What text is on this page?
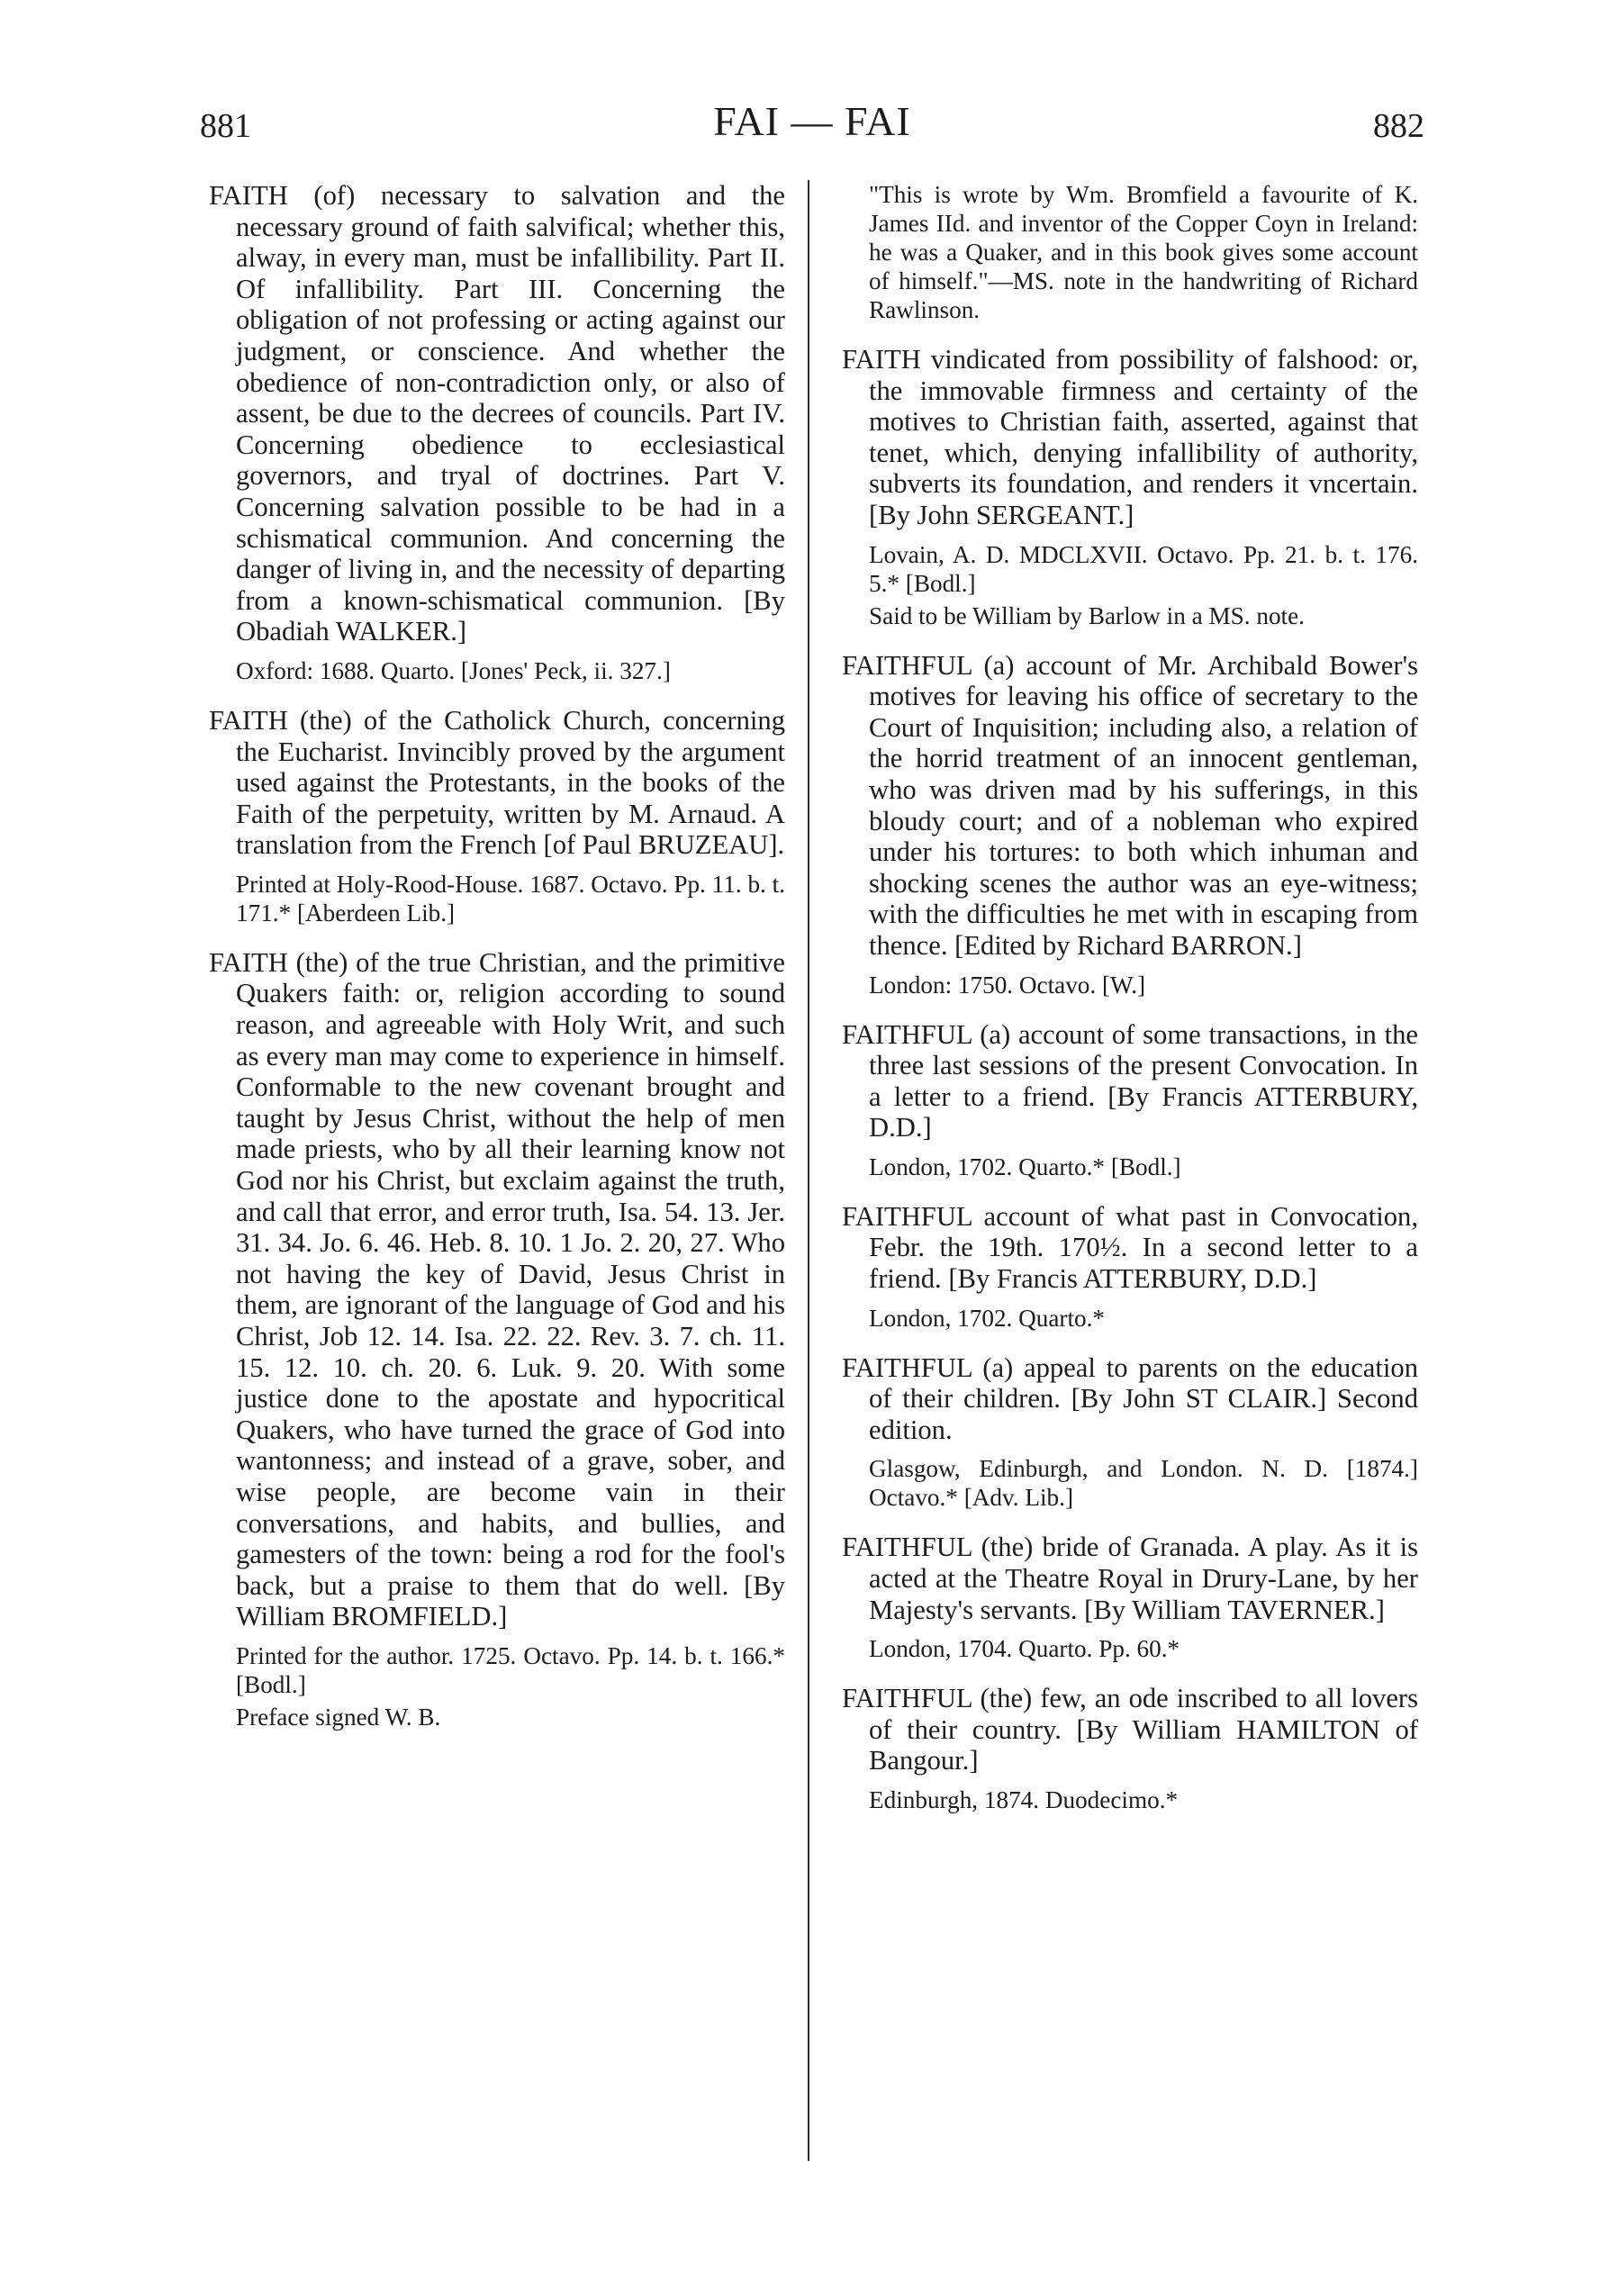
881	FAI — FAI	882

FAITH (of) necessary to salvation and the necessary ground of faith salvifical; whether this, alway, in every man, must be infallibility. Part II. Of infallibility. Part III. Concerning the obligation of not professing or acting against our judgment, or conscience. And whether the obedience of non-contradiction only, or also of assent, be due to the decrees of councils. Part IV. Concerning obedience to ecclesiastical governors, and tryal of doctrines. Part V. Concerning salvation possible to be had in a schismatical communion. And concerning the danger of living in, and the necessity of departing from a known-schismatical communion. [By Obadiah WALKER.]

Oxford: 1688. Quarto. [Jones' Peck, ii. 327.]

FAITH (the) of the Catholick Church, concerning the Eucharist. Invincibly proved by the argument used against the Protestants, in the books of the Faith of the perpetuity, written by M. Arnaud. A translation from the French [of Paul BRUZEAU].

Printed at Holy-Rood-House. 1687. Octavo. Pp. 11. b. t. 171.* [Aberdeen Lib.]

FAITH (the) of the true Christian, and the primitive Quakers faith: or, religion according to sound reason, and agreeable with Holy Writ, and such as every man may come to experience in himself. Conformable to the new covenant brought and taught by Jesus Christ, without the help of men made priests, who by all their learning know not God nor his Christ, but exclaim against the truth, and call that error, and error truth, Isa. 54. 13. Jer. 31. 34. Jo. 6. 46. Heb. 8. 10. 1 Jo. 2. 20, 27. Who not having the key of David, Jesus Christ in them, are ignorant of the language of God and his Christ, Job 12. 14. Isa. 22. 22. Rev. 3. 7. ch. 11. 15. 12. 10. ch. 20. 6. Luk. 9. 20. With some justice done to the apostate and hypocritical Quakers, who have turned the grace of God into wantonness; and instead of a grave, sober, and wise people, are become vain in their conversations, and habits, and bullies, and gamesters of the town: being a rod for the fool's back, but a praise to them that do well. [By William BROMFIELD.]

Printed for the author. 1725. Octavo. Pp. 14. b. t. 166.* [Bodl.]

Preface signed W. B.

"This is wrote by Wm. Bromfield a favourite of K. James IId. and inventor of the Copper Coyn in Ireland: he was a Quaker, and in this book gives some account of himself."—MS. note in the handwriting of Richard Rawlinson.

FAITH vindicated from possibility of falshood: or, the immovable firmness and certainty of the motives to Christian faith, asserted, against that tenet, which, denying infallibility of authority, subverts its foundation, and renders it vncertain. [By John SERGEANT.]

Lovain, A. D. MDCLXVII. Octavo. Pp. 21. b. t. 176. 5.* [Bodl.]

Said to be William by Barlow in a MS. note.

FAITHFUL (a) account of Mr. Archibald Bower's motives for leaving his office of secretary to the Court of Inquisition; including also, a relation of the horrid treatment of an innocent gentleman, who was driven mad by his sufferings, in this bloudy court; and of a nobleman who expired under his tortures: to both which inhuman and shocking scenes the author was an eye-witness; with the difficulties he met with in escaping from thence. [Edited by Richard BARRON.]

London: 1750. Octavo. [W.]

FAITHFUL (a) account of some transactions, in the three last sessions of the present Convocation. In a letter to a friend. [By Francis ATTERBURY, D.D.]

London, 1702. Quarto.* [Bodl.]

FAITHFUL account of what past in Convocation, Febr. the 19th. 170½. In a second letter to a friend. [By Francis ATTERBURY, D.D.]

London, 1702. Quarto.*

FAITHFUL (a) appeal to parents on the education of their children. [By John ST CLAIR.] Second edition.

Glasgow, Edinburgh, and London. N. D. [1874.] Octavo.* [Adv. Lib.]

FAITHFUL (the) bride of Granada. A play. As it is acted at the Theatre Royal in Drury-Lane, by her Majesty's servants. [By William TAVERNER.]

London, 1704. Quarto. Pp. 60.*

FAITHFUL (the) few, an ode inscribed to all lovers of their country. [By William HAMILTON of Bangour.]

Edinburgh, 1874. Duodecimo.*
